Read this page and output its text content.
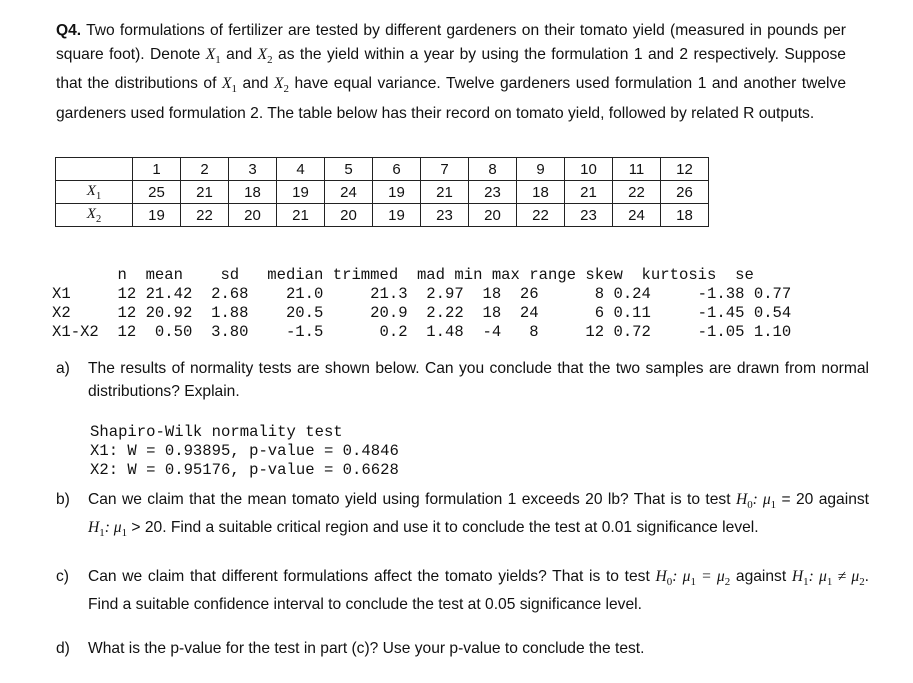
Q4. Two formulations of fertilizer are tested by different gardeners on their tomato yield (measured in pounds per square foot). Denote $X_1$ and $X_2$ as the yield within a year by using the formulation 1 and 2 respectively. Suppose that the distributions of $X_1$ and $X_2$ have equal variance. Twelve gardeners used formulation 1 and another twelve gardeners used formulation 2. The table below has their record on tomato yield, followed by related R outputs.
	1	2	3	4	5	6	7	8	9	10	11	12
$X_1$	25	21	18	19	24	19	21	23	18	21	22	26
$X_2$	19	22	20	21	20	19	23	20	22	23	24	18
n  mean    sd   median trimmed  mad min max range skew  kurtosis  se
X1     12 21.42  2.68    21.0     21.3  2.97  18  26      8 0.24     -1.38 0.77
X2     12 20.92  1.88    20.5     20.9  2.22  18  24      6 0.11     -1.45 0.54
X1-X2  12  0.50  3.80    -1.5      0.2  1.48  -4   8     12 0.72     -1.05 1.10
a) The results of normality tests are shown below. Can you conclude that the two samples are drawn from normal distributions? Explain.
Shapiro-Wilk normality test
X1: W = 0.93895, p-value = 0.4846
X2: W = 0.95176, p-value = 0.6628
b) Can we claim that the mean tomato yield using formulation 1 exceeds 20 lb? That is to test $H_0$: $\mu_1 = 20$ against $H_1$: $\mu_1 > 20$. Find a suitable critical region and use it to conclude the test at 0.01 significance level.
c) Can we claim that different formulations affect the tomato yields? That is to test $H_0$: $\mu_1 = \mu_2$ against $H_1$: $\mu_1 \ne \mu_2$. Find a suitable confidence interval to conclude the test at 0.05 significance level.
d) What is the p-value for the test in part (c)? Use your p-value to conclude the test.
